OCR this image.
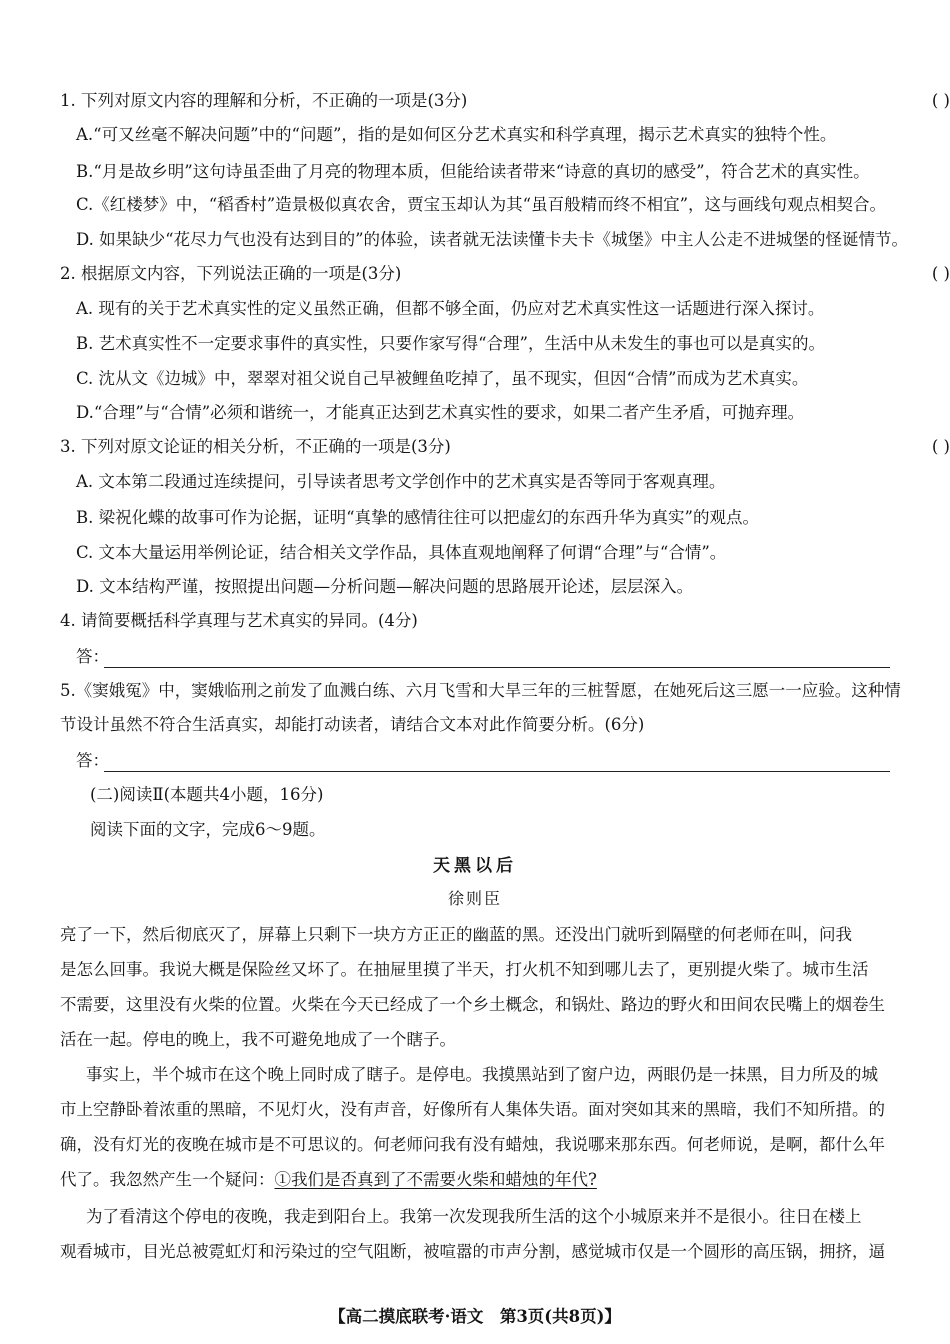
1. 下列对原文内容的理解和分析，不正确的一项是(3分)	( )
A.“可又丝毫不解决问题”中的“问题”，指的是如何区分艺术真实和科学真理，揭示艺术真实的独特个性。
B.“月是故乡明”这句诗虽歪曲了月亮的物理本质，但能给读者带来“诗意的真切的感受”，符合艺术的真实性。
C.《红楼梦》中，“稻香村”造景极似真农舍，贾宝玉却认为其“虽百般精而终不相宜”，这与画线句观点相契合。
D. 如果缺少“花尽力气也没有达到目的”的体验，读者就无法读懂卡夫卡《城堡》中主人公走不进城堡的怪诞情节。
2. 根据原文内容，下列说法正确的一项是(3分)	( )
A. 现有的关于艺术真实性的定义虽然正确，但都不够全面，仍应对艺术真实性这一话题进行深入探讨。
B. 艺术真实性不一定要求事件的真实性，只要作家写得“合理”，生活中从未发生的事也可以是真实的。
C. 沈从文《边城》中，翠翠对祖父说自己早被鲤鱼吃掉了，虽不现实，但因“合情”而成为艺术真实。
D.“合理”与“合情”必须和谐统一，才能真正达到艺术真实性的要求，如果二者产生矛盾，可抛弃理。
3. 下列对原文论证的相关分析，不正确的一项是(3分)	( )
A. 文本第二段通过连续提问，引导读者思考文学创作中的艺术真实是否等同于客观真理。
B. 梁祝化蝶的故事可作为论据，证明“真挚的感情往往可以把虚幻的东西升华为真实”的观点。
C. 文本大量运用举例论证，结合相关文学作品，具体直观地阐释了何谓“合理”与“合情”。
D. 文本结构严谨，按照提出问题—分析问题—解决问题的思路展开论述，层层深入。
4. 请简要概括科学真理与艺术真实的异同。(4分)
答：
5.《窦娥冤》中，窦娥临刑之前发了血溅白练、六月飞雪和大旱三年的三桩誓愿，在她死后这三愿一一应验。这种情
节设计虽然不符合生活真实，却能打动读者，请结合文本对此作简要分析。(6分)
答：
(二)阅读Ⅱ(本题共4小题，16分)
阅读下面的文字，完成6～9题。
天黑以后
徐则臣
亮了一下，然后彻底灭了，屏幕上只剩下一块方方正正的幽蓝的黑。还没出门就听到隔壁的何老师在叫，问我
是怎么回事。我说大概是保险丝又坏了。在抽屉里摸了半天，打火机不知到哪儿去了，更别提火柴了。城市生活
不需要，这里没有火柴的位置。火柴在今天已经成了一个乡土概念，和锅灶、路边的野火和田间农民嘴上的烟卷生
活在一起。停电的晚上，我不可避免地成了一个瞎子。
事实上，半个城市在这个晚上同时成了瞎子。是停电。我摸黑站到了窗户边，两眼仍是一抹黑，目力所及的城
市上空静卧着浓重的黑暗，不见灯火，没有声音，好像所有人集体失语。面对突如其来的黑暗，我们不知所措。的
确，没有灯光的夜晚在城市是不可思议的。何老师问我有没有蜡烛，我说哪来那东西。何老师说，是啊，都什么年
代了。我忽然产生一个疑问：①我们是否真到了不需要火柴和蜡烛的年代?
为了看清这个停电的夜晚，我走到阳台上。我第一次发现我所生活的这个小城原来并不是很小。往日在楼上
观看城市，目光总被霓虹灯和污染过的空气阻断，被喧嚣的市声分割，感觉城市仅是一个圆形的高压锅，拥挤，逼
【高二摸底联考·语文　第3页(共8页)】
